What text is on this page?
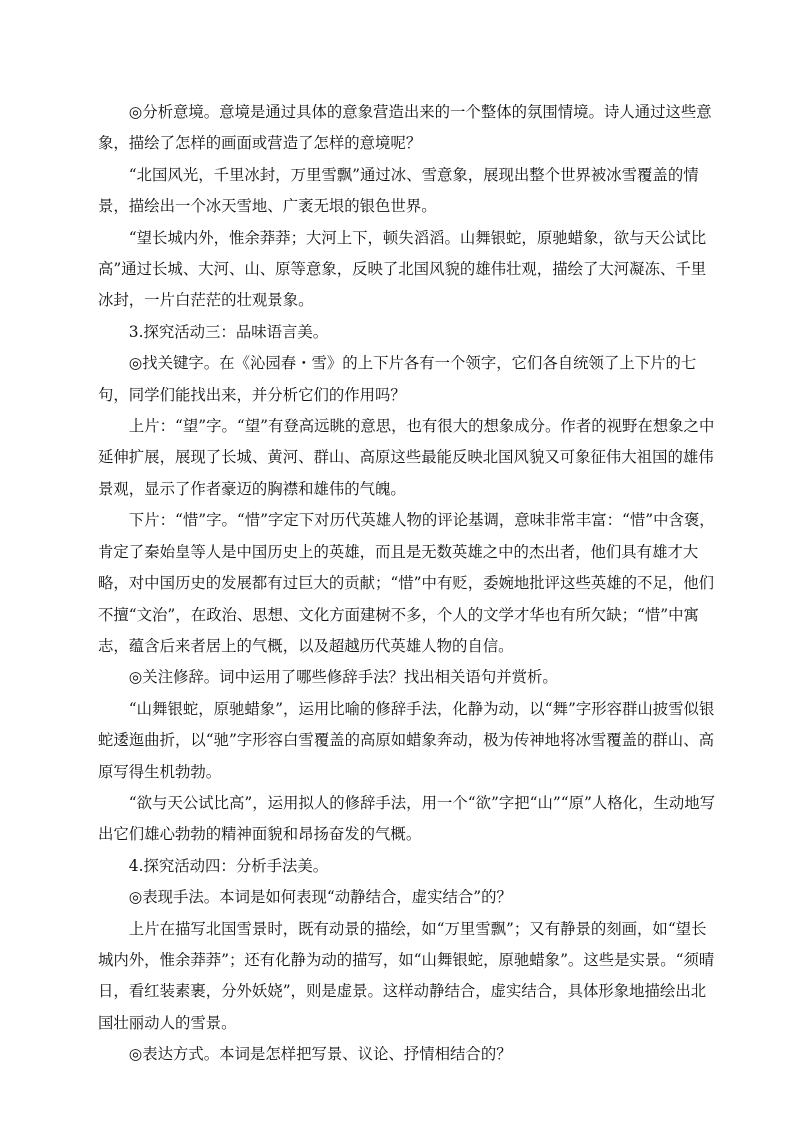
◎分析意境。意境是通过具体的意象营造出来的一个整体的氛围情境。诗人通过这些意象，描绘了怎样的画面或营造了怎样的意境呢？

“北国风光，千里冰封，万里雪飘”通过冰、雪意象，展现出整个世界被冰雪覆盖的情景，描绘出一个冰天雪地、广袤无垠的银色世界。

“望长城内外，惟余莽莽；大河上下，顿失滔滔。山舞银蛇，原驰蜡象，欲与天公试比高”通过长城、大河、山、原等意象，反映了北国风貌的雄伟壮观，描绘了大河凝冻、千里冰封，一片白茫茫的壮观景象。

3.探究活动三：品味语言美。

◎找关键字。在《沁园春・雪》的上下片各有一个领字，它们各自统领了上下片的七句，同学们能找出来，并分析它们的作用吗？

上片：“望”字。“望”有登高远眺的意思，也有很大的想象成分。作者的视野在想象之中延伸扩展，展现了长城、黄河、群山、高原这些最能反映北国风貌又可象征伟大祖国的雄伟景观，显示了作者豪迈的胸襟和雄伟的气魄。

下片：“惜”字。“惜”字定下对历代英雄人物的评论基调，意味非常丰富：“惜”中含褒，肯定了秦始皇等人是中国历史上的英雄，而且是无数英雄之中的杰出者，他们具有雄才大略，对中国历史的发展都有过巨大的贡献；“惜”中有贬，委婉地批评这些英雄的不足，他们不擅“文治”，在政治、思想、文化方面建树不多，个人的文学才华也有所欠缺；“惜”中寓志，蕴含后来者居上的气概，以及超越历代英雄人物的自信。

◎关注修辞。词中运用了哪些修辞手法？找出相关语句并赏析。

“山舞银蛇，原驰蜡象”，运用比喻的修辞手法，化静为动，以“舞”字形容群山披雪似银蛇逶迤曲折，以“驰”字形容白雪覆盖的高原如蜡象奔动，极为传神地将冰雪覆盖的群山、高原写得生机勃勃。

“欲与天公试比高”，运用拟人的修辞手法，用一个“欲”字把“山”“原”人格化，生动地写出它们雄心勃勃的精神面貌和昂扬奋发的气概。

4.探究活动四：分析手法美。

◎表现手法。本词是如何表现“动静结合，虚实结合”的？

上片在描写北国雪景时，既有动景的描绘，如“万里雪飘”；又有静景的刻画，如“望长城内外，惟余莽莽”；还有化静为动的描写，如“山舞银蛇，原驰蜡象”。这些是实景。“须晴日，看红装素裹，分外妖娆”，则是虚景。这样动静结合，虚实结合，具体形象地描绘出北国壮丽动人的雪景。

◎表达方式。本词是怎样把写景、议论、抒情相结合的？
